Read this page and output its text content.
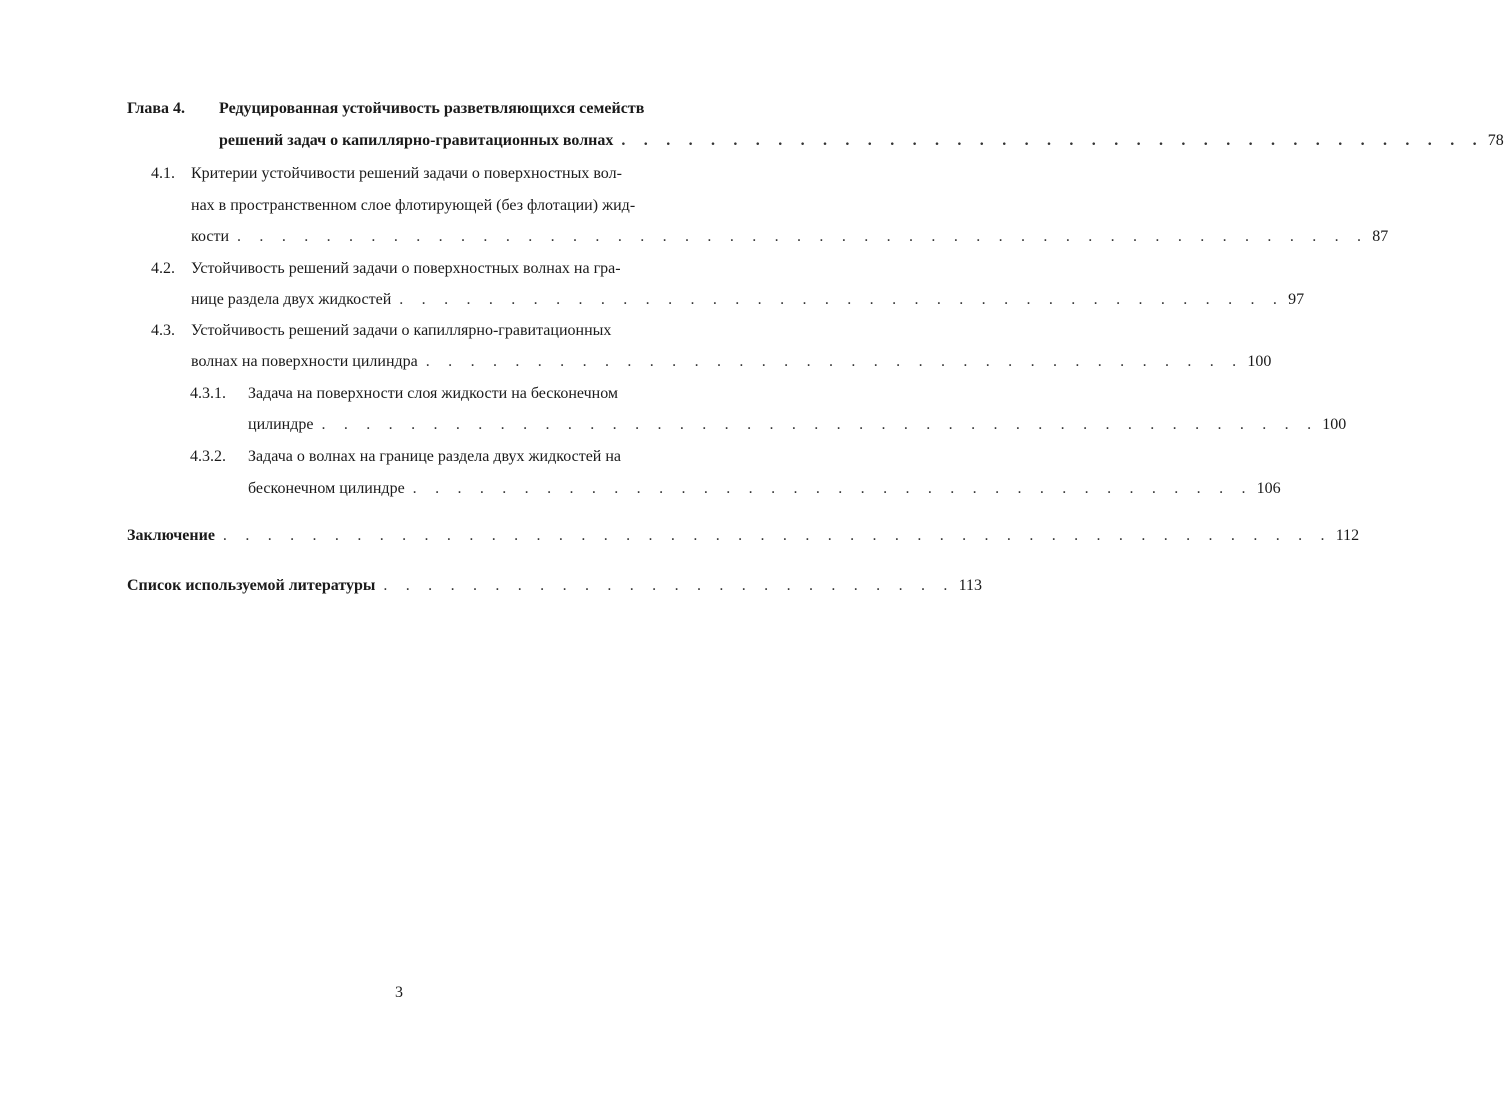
Глава 4. Редуцированная устойчивость разветвляющихся семейств
решений задач о капиллярно-гравитационных волнах . . . . . . . . . . . . . . . . . . . . . . . . . . . . . . . . . . . . . . . 78
4.1. Критерии устойчивости решений задачи о поверхностных вол-
нах в пространственном слое флотирующей (без флотации) жид-
кости . . . . . . . . . . . . . . . . . . . . . . . . . . . . . . . . . . . . . . . . . . . . . . . . . . . 87
4.2. Устойчивость решений задачи о поверхностных волнах на гра-
нице раздела двух жидкостей . . . . . . . . . . . . . . . . . . . . . . . . . . . . . . . . . . . . . . . . 97
4.3. Устойчивость решений задачи о капиллярно-гравитационных
волнах на поверхности цилиндра . . . . . . . . . . . . . . . . . . . . . . . . . . . . . . . . . . . . . 100
4.3.1. Задача на поверхности слоя жидкости на бесконечном
цилиндре . . . . . . . . . . . . . . . . . . . . . . . . . . . . . . . . . . . . . . . . . . . . . 100
4.3.2. Задача о волнах на границе раздела двух жидкостей на
бесконечном цилиндре . . . . . . . . . . . . . . . . . . . . . . . . . . . . . . . . . . . . . . 106
Заключение . . . . . . . . . . . . . . . . . . . . . . . . . . . . . . . . . . . . . . . . . . . . . . . . . . 112
Список используемой литературы . . . . . . . . . . . . . . . . . . . . . . . . . . 113
3
